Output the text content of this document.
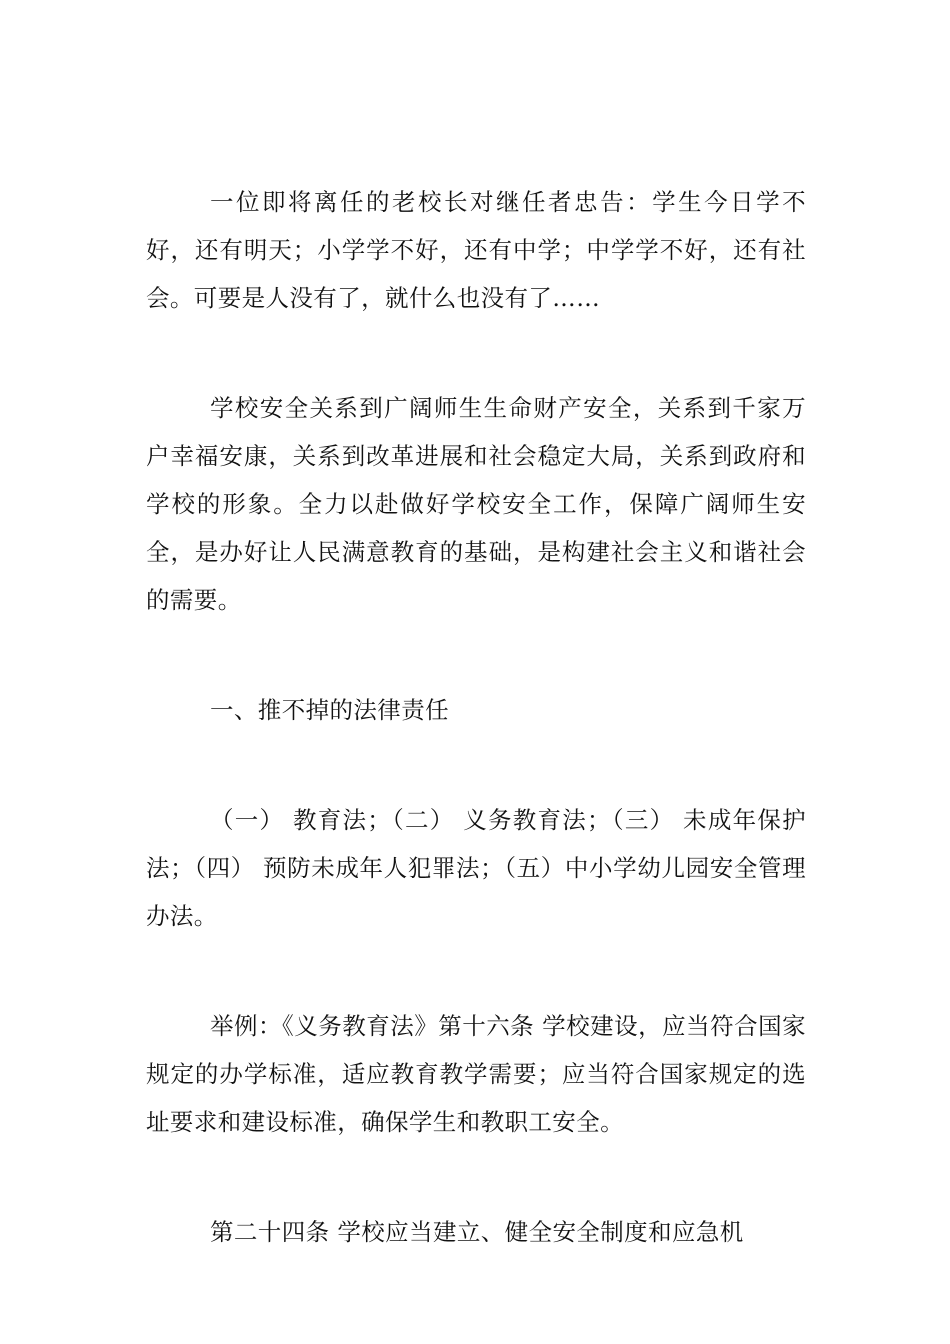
一位即将离任的老校长对继任者忠告：学生今日学不好，还有明天；小学学不好，还有中学；中学学不好，还有社会。可要是人没有了，就什么也没有了……

学校安全关系到广阔师生生命财产安全，关系到千家万户幸福安康，关系到改革进展和社会稳定大局，关系到政府和学校的形象。全力以赴做好学校安全工作，保障广阔师生安全，是办好让人民满意教育的基础，是构建社会主义和谐社会的需要。

一、推不掉的法律责任

（一） 教育法；（二） 义务教育法；（三） 未成年保护法；（四） 预防未成年人犯罪法；（五）中小学幼儿园安全管理办法。

举例：《义务教育法》第十六条 学校建设，应当符合国家规定的办学标准，适应教育教学需要；应当符合国家规定的选址要求和建设标准，确保学生和教职工安全。

第二十四条 学校应当建立、健全安全制度和应急机
